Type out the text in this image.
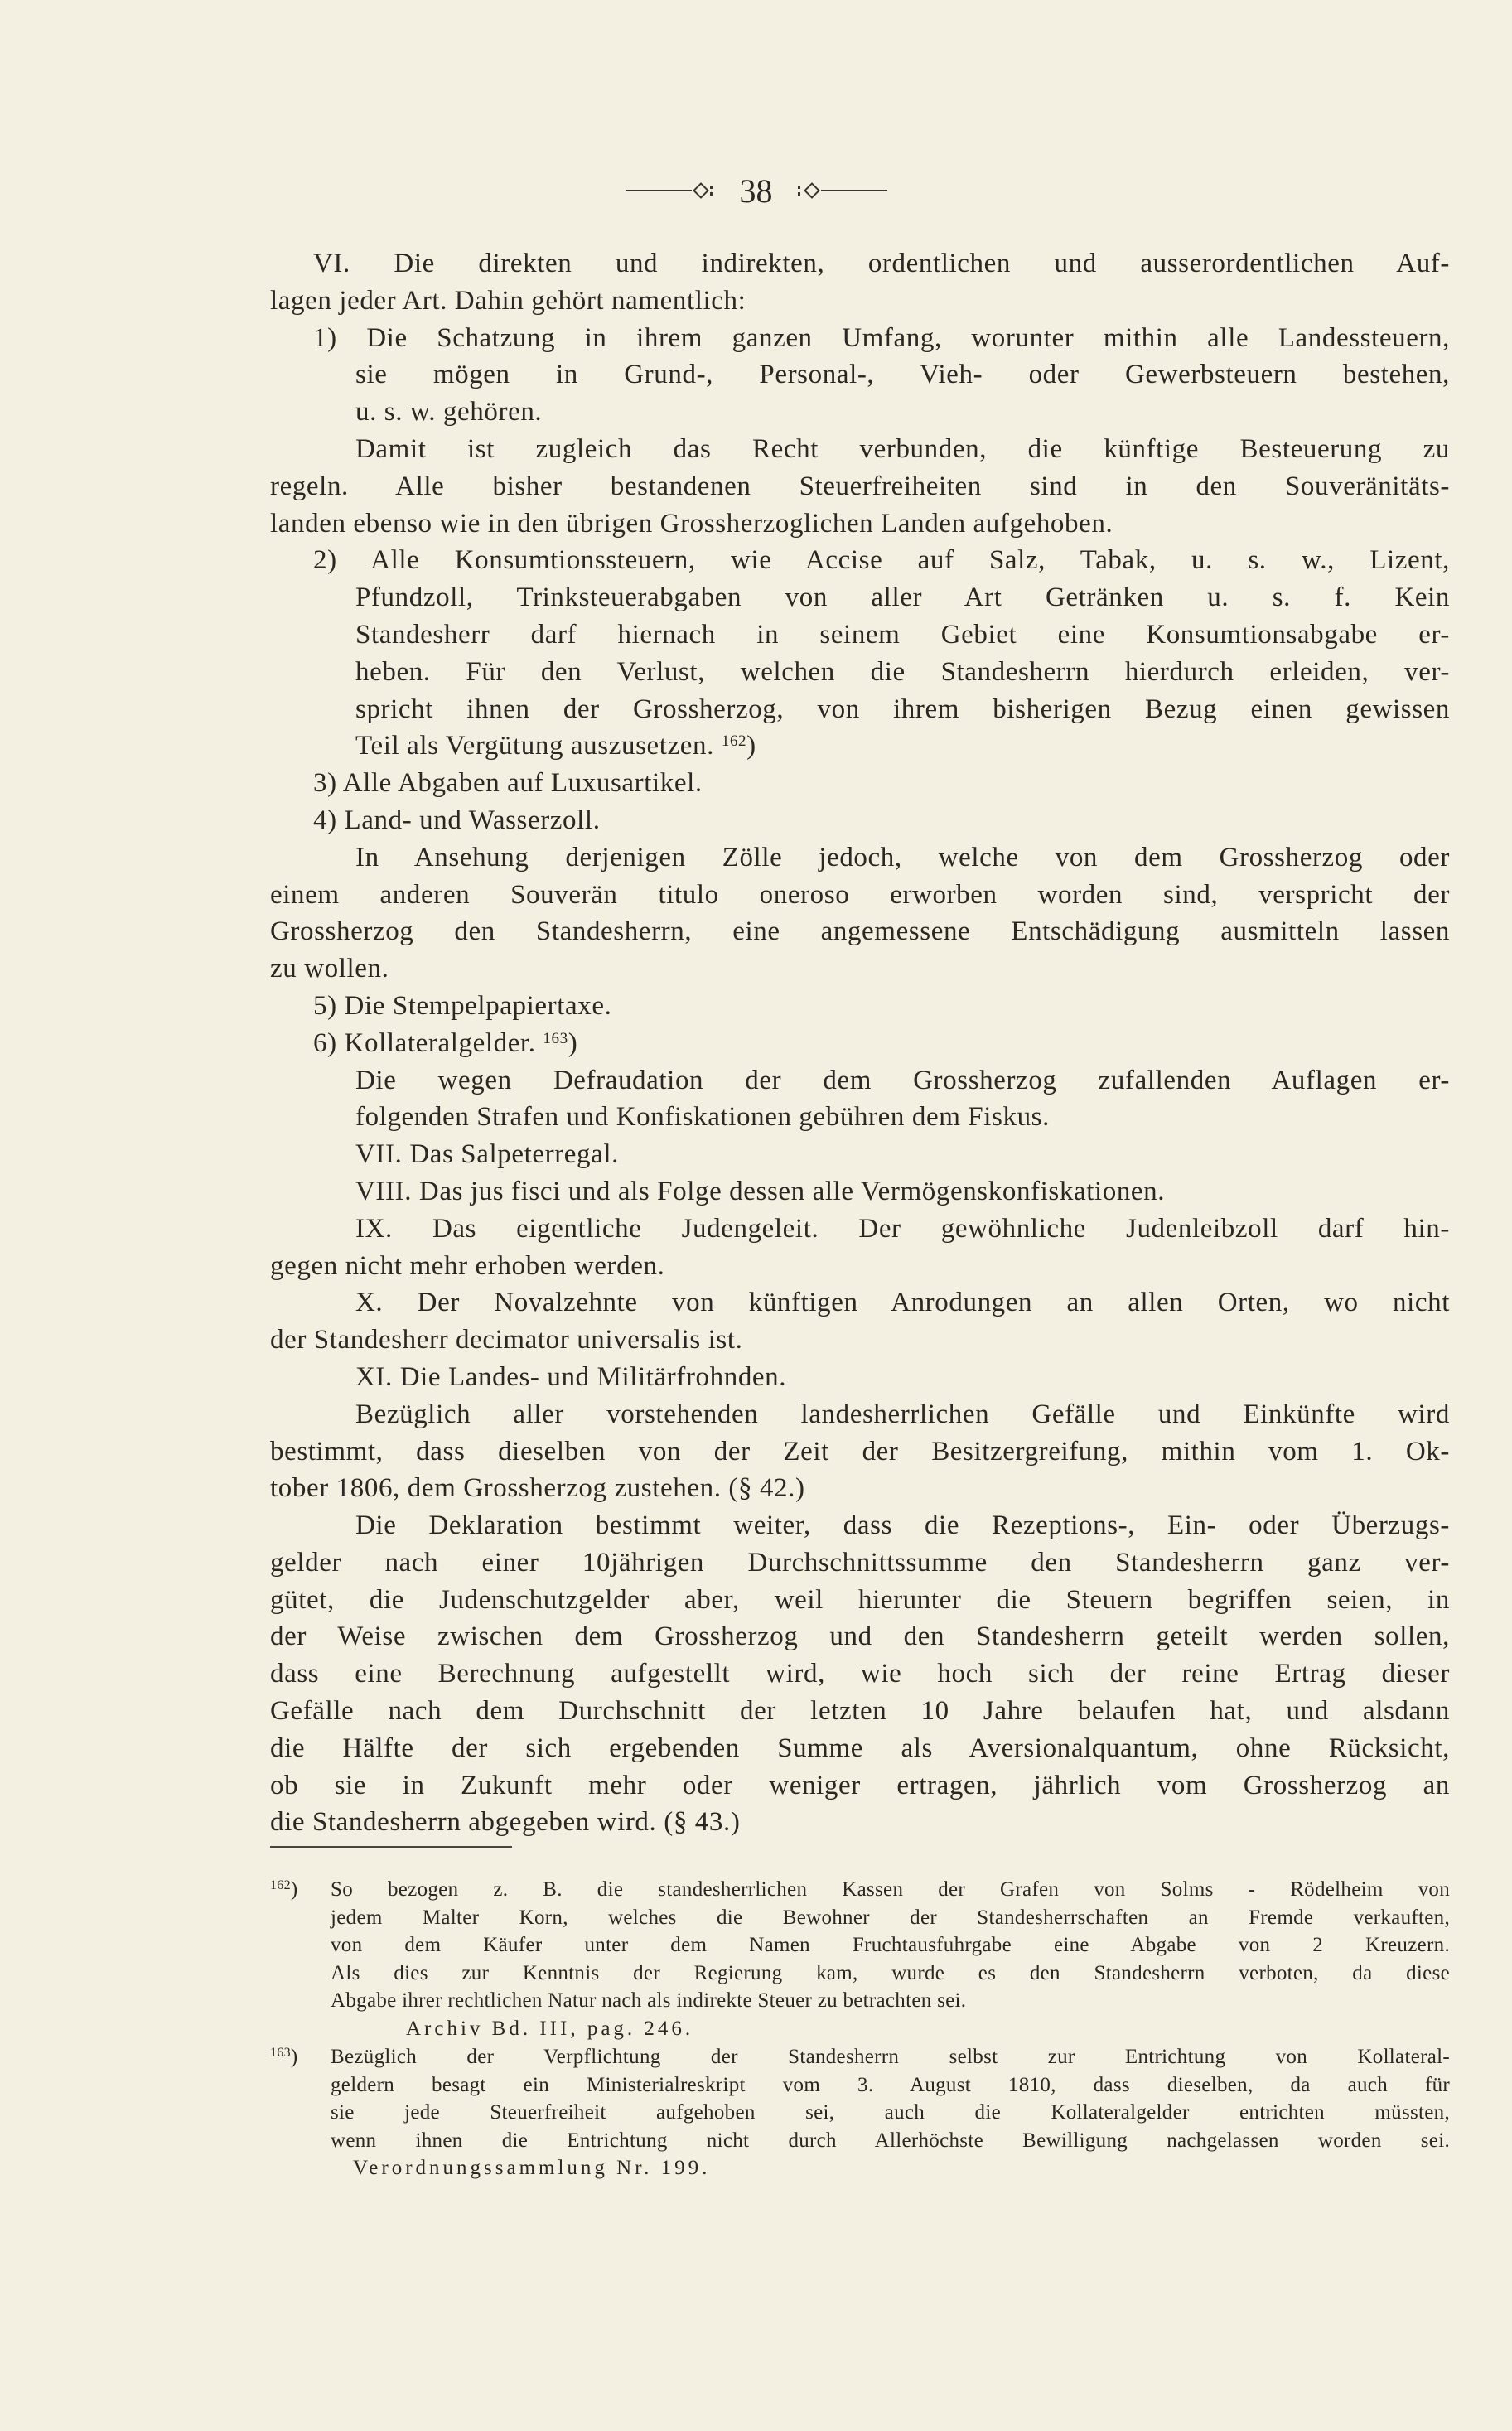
38
VI. Die direkten und indirekten, ordentlichen und ausserordentlichen Auf-
lagen jeder Art. Dahin gehört namentlich:
1) Die Schatzung in ihrem ganzen Umfang, worunter mithin alle Landessteuern,
sie mögen in Grund-, Personal-, Vieh- oder Gewerbsteuern bestehen,
u. s. w. gehören.
Damit ist zugleich das Recht verbunden, die künftige Besteuerung zu
regeln. Alle bisher bestandenen Steuerfreiheiten sind in den Souveränitäts-
landen ebenso wie in den übrigen Grossherzoglichen Landen aufgehoben.
2) Alle Konsumtionssteuern, wie Accise auf Salz, Tabak, u. s. w., Lizent,
Pfundzoll, Trinksteuerabgaben von aller Art Getränken u. s. f. Kein
Standesherr darf hiernach in seinem Gebiet eine Konsumtionsabgabe er-
heben. Für den Verlust, welchen die Standesherrn hierdurch erleiden, ver-
spricht ihnen der Grossherzog, von ihrem bisherigen Bezug einen gewissen
Teil als Vergütung auszusetzen. $^{162}$)
3) Alle Abgaben auf Luxusartikel.
4) Land- und Wasserzoll.
In Ansehung derjenigen Zölle jedoch, welche von dem Grossherzog oder
einem anderen Souverän titulo oneroso erworben worden sind, verspricht der
Grossherzog den Standesherrn, eine angemessene Entschädigung ausmitteln lassen
zu wollen.
5) Die Stempelpapiertaxe.
6) Kollateralgelder. $^{163}$)
Die wegen Defraudation der dem Grossherzog zufallenden Auflagen er-
folgenden Strafen und Konfiskationen gebühren dem Fiskus.
VII. Das Salpeterregal.
VIII. Das jus fisci und als Folge dessen alle Vermögenskonfiskationen.
IX. Das eigentliche Judengeleit. Der gewöhnliche Judenleibzoll darf hin-
gegen nicht mehr erhoben werden.
X. Der Novalzehnte von künftigen Anrodungen an allen Orten, wo nicht
der Standesherr decimator universalis ist.
XI. Die Landes- und Militärfrohnden.
Bezüglich aller vorstehenden landesherrlichen Gefälle und Einkünfte wird
bestimmt, dass dieselben von der Zeit der Besitzergreifung, mithin vom 1. Ok-
tober 1806, dem Grossherzog zustehen. (§ 42.)
Die Deklaration bestimmt weiter, dass die Rezeptions-, Ein- oder Überzugs-
gelder nach einer 10jährigen Durchschnittssumme den Standesherrn ganz ver-
gütet, die Judenschutzgelder aber, weil hierunter die Steuern begriffen seien, in
der Weise zwischen dem Grossherzog und den Standesherrn geteilt werden sollen,
dass eine Berechnung aufgestellt wird, wie hoch sich der reine Ertrag dieser
Gefälle nach dem Durchschnitt der letzten 10 Jahre belaufen hat, und alsdann
die Hälfte der sich ergebenden Summe als Aversionalquantum, ohne Rücksicht,
ob sie in Zukunft mehr oder weniger ertragen, jährlich vom Grossherzog an
die Standesherrn abgegeben wird. (§ 43.)
$^{162}$)	So bezogen z. B. die standesherrlichen Kassen der Grafen von Solms - Rödelheim von
jedem Malter Korn, welches die Bewohner der Standesherrschaften an Fremde verkauften,
von dem Käufer unter dem Namen Fruchtausfuhrgabe eine Abgabe von 2 Kreuzern.
Als dies zur Kenntnis der Regierung kam, wurde es den Standesherrn verboten, da diese
Abgabe ihrer rechtlichen Natur nach als indirekte Steuer zu betrachten sei.
Archiv Bd. III, pag. 246.
$^{163}$)	Bezüglich der Verpflichtung der Standesherrn selbst zur Entrichtung von Kollateral-
geldern besagt ein Ministerialreskript vom 3. August 1810, dass dieselben, da auch für
sie jede Steuerfreiheit aufgehoben sei, auch die Kollateralgelder entrichten müssten,
wenn ihnen die Entrichtung nicht durch Allerhöchste Bewilligung nachgelassen worden sei.
Verordnungssammlung Nr. 199.
